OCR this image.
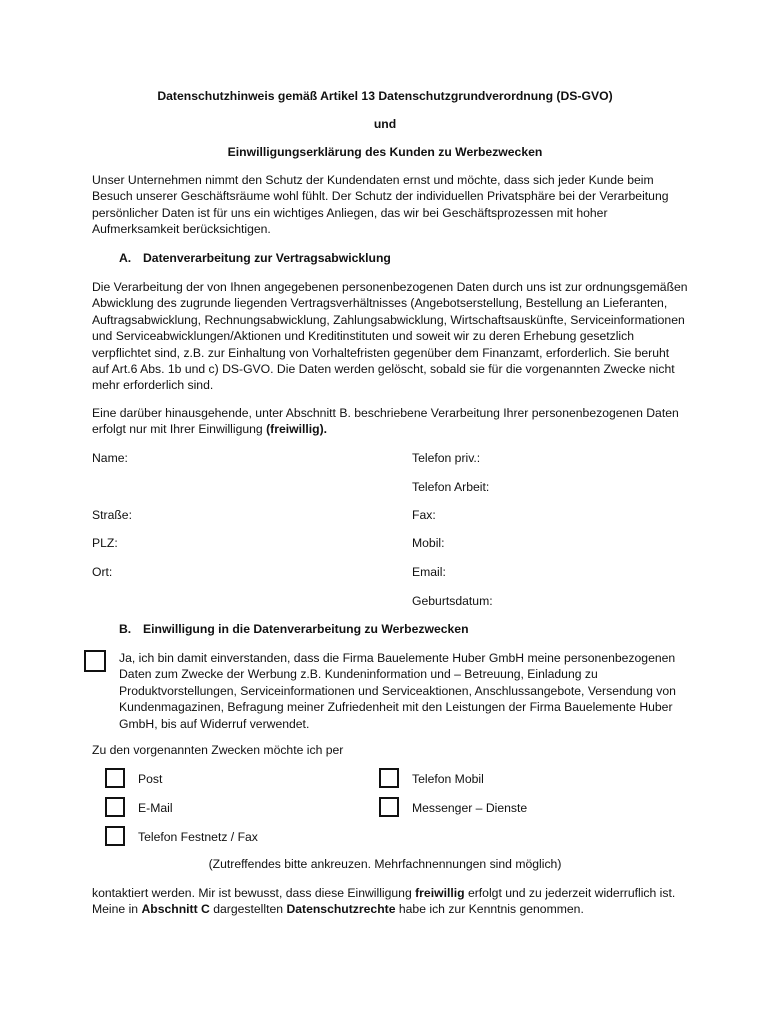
Datenschutzhinweis gemäß Artikel 13 Datenschutzgrundverordnung (DS-GVO)
und
Einwilligungserklärung des Kunden zu Werbezwecken

Unser Unternehmen nimmt den Schutz der Kundendaten ernst und möchte, dass sich jeder Kunde beim Besuch unserer Geschäftsräume wohl fühlt. Der Schutz der individuellen Privatsphäre bei der Verarbeitung persönlicher Daten ist für uns ein wichtiges Anliegen, das wir bei Geschäftsprozessen mit hoher Aufmerksamkeit berücksichtigen.

A. Datenverarbeitung zur Vertragsabwicklung

Die Verarbeitung der von Ihnen angegebenen personenbezogenen Daten durch uns ist zur ordnungsgemäßen Abwicklung des zugrunde liegenden Vertragsverhältnisses (Angebotserstellung, Bestellung an Lieferanten, Auftragsabwicklung, Rechnungsabwicklung, Zahlungsabwicklung, Wirtschaftsauskünfte, Serviceinformationen und Serviceabwicklungen/Aktionen und Kreditinstituten und soweit wir zu deren Erhebung gesetzlich verpflichtet sind, z.B. zur Einhaltung von Vorhaltefristen gegenüber dem Finanzamt, erforderlich. Sie beruht auf Art.6 Abs. 1b und c) DS-GVO. Die Daten werden gelöscht, sobald sie für die vorgenannten Zwecke nicht mehr erforderlich sind.

Eine darüber hinausgehende, unter Abschnitt B. beschriebene Verarbeitung Ihrer personenbezogenen Daten erfolgt nur mit Ihrer Einwilligung (freiwillig).

Name:
Straße:
PLZ:
Ort:
Telefon priv.:
Telefon Arbeit:
Fax:
Mobil:
Email:
Geburtsdatum:
B. Einwilligung in die Datenverarbeitung zu Werbezwecken

Ja, ich bin damit einverstanden, dass die Firma Bauelemente Huber GmbH meine personenbezogenen Daten zum Zwecke der Werbung z.B. Kundeninformation und – Betreuung, Einladung zu Produktvorstellungen, Serviceinformationen und Serviceaktionen, Anschlussangebote, Versendung von Kundenmagazinen, Befragung meiner Zufriedenheit mit den Leistungen der Firma Bauelemente Huber GmbH, bis auf Widerruf verwendet.

Zu den vorgenannten Zwecken möchte ich per
Post
E-Mail
Telefon Festnetz / Fax
Telefon Mobil
Messenger – Dienste
(Zutreffendes bitte ankreuzen. Mehrfachnennungen sind möglich)

kontaktiert werden. Mir ist bewusst, dass diese Einwilligung freiwillig erfolgt und zu jederzeit widerruflich ist. Meine in Abschnitt C dargestellten Datenschutzrechte habe ich zur Kenntnis genommen.
